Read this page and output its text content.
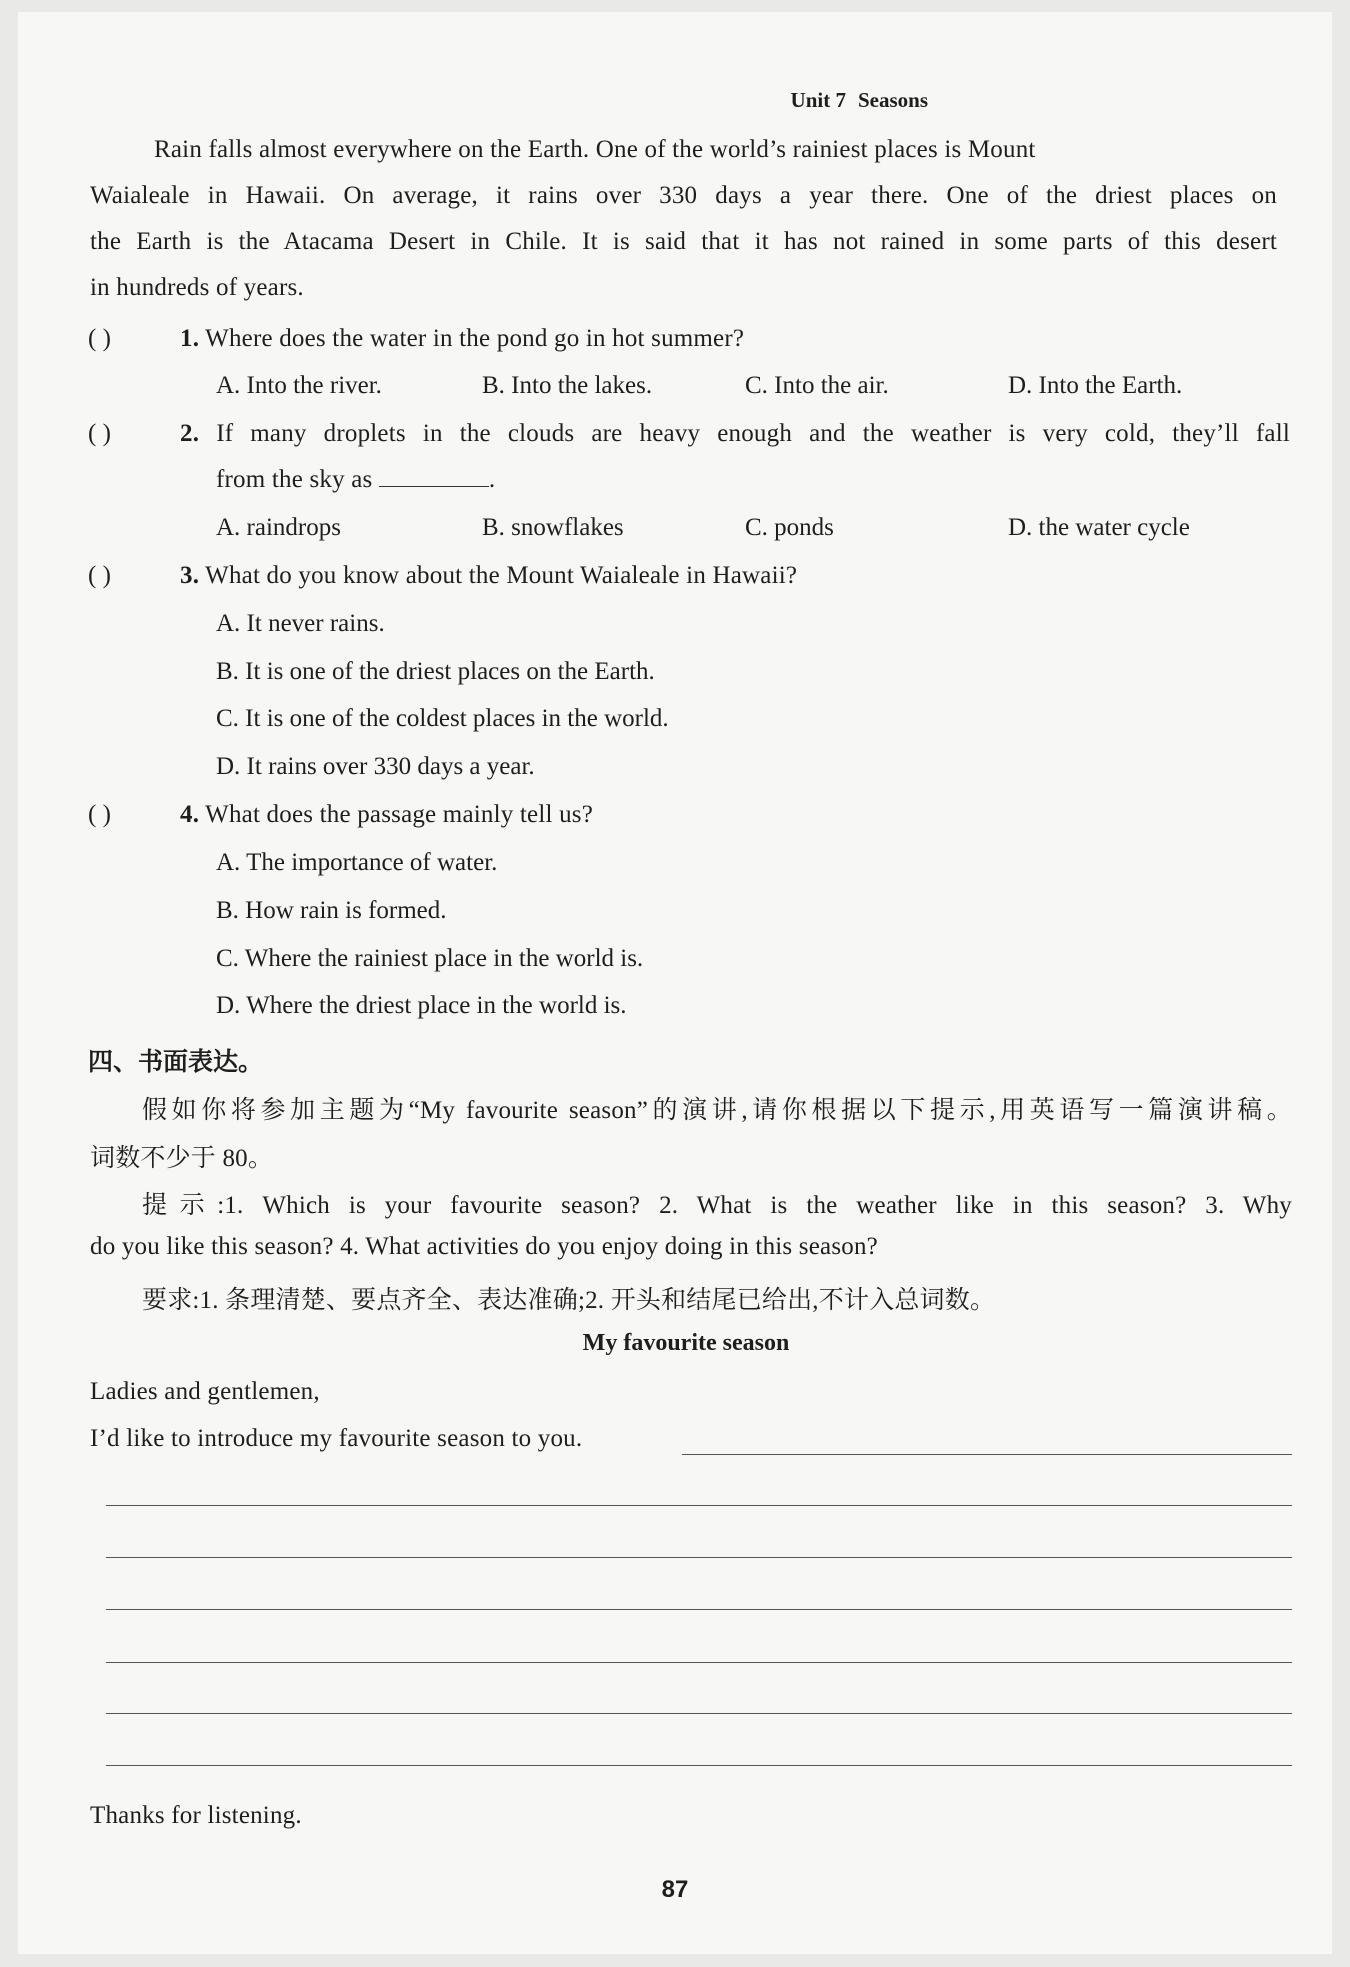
Unit 7 Seasons
Rain falls almost everywhere on the Earth. One of the world’s rainiest places is Mount
Waialeale in Hawaii. On average, it rains over 330 days a year there. One of the driest places on
the Earth is the Atacama Desert in Chile. It is said that it has not rained in some parts of this desert
in hundreds of years.
( )	1. Where does the water in the pond go in hot summer?
A. Into the river.	B. Into the lakes.	C. Into the air.	D. Into the Earth.
( )	2. If many droplets in the clouds are heavy enough and the weather is very cold, they’ll fall
from the sky as	.
A. raindrops	B. snowflakes	C. ponds	D. the water cycle
( )	3. What do you know about the Mount Waialeale in Hawaii?
A. It never rains.
B. It is one of the driest places on the Earth.
C. It is one of the coldest places in the world.
D. It rains over 330 days a year.
( )	4. What does the passage mainly tell us?
A. The importance of water.
B. How rain is formed.
C. Where the rainiest place in the world is.
D. Where the driest place in the world is.
四、书面表达。
假如你将参加主题为“My favourite season”的演讲,请你根据以下提示,用英语写一篇演讲稿。
词数不少于 80。
提示:1. Which is your favourite season? 2. What is the weather like in this season? 3. Why
do you like this season? 4. What activities do you enjoy doing in this season?
要求:1. 条理清楚、要点齐全、表达准确;2. 开头和结尾已给出,不计入总词数。
My favourite season
Ladies and gentlemen,
I’d like to introduce my favourite season to you.
Thanks for listening.
87
